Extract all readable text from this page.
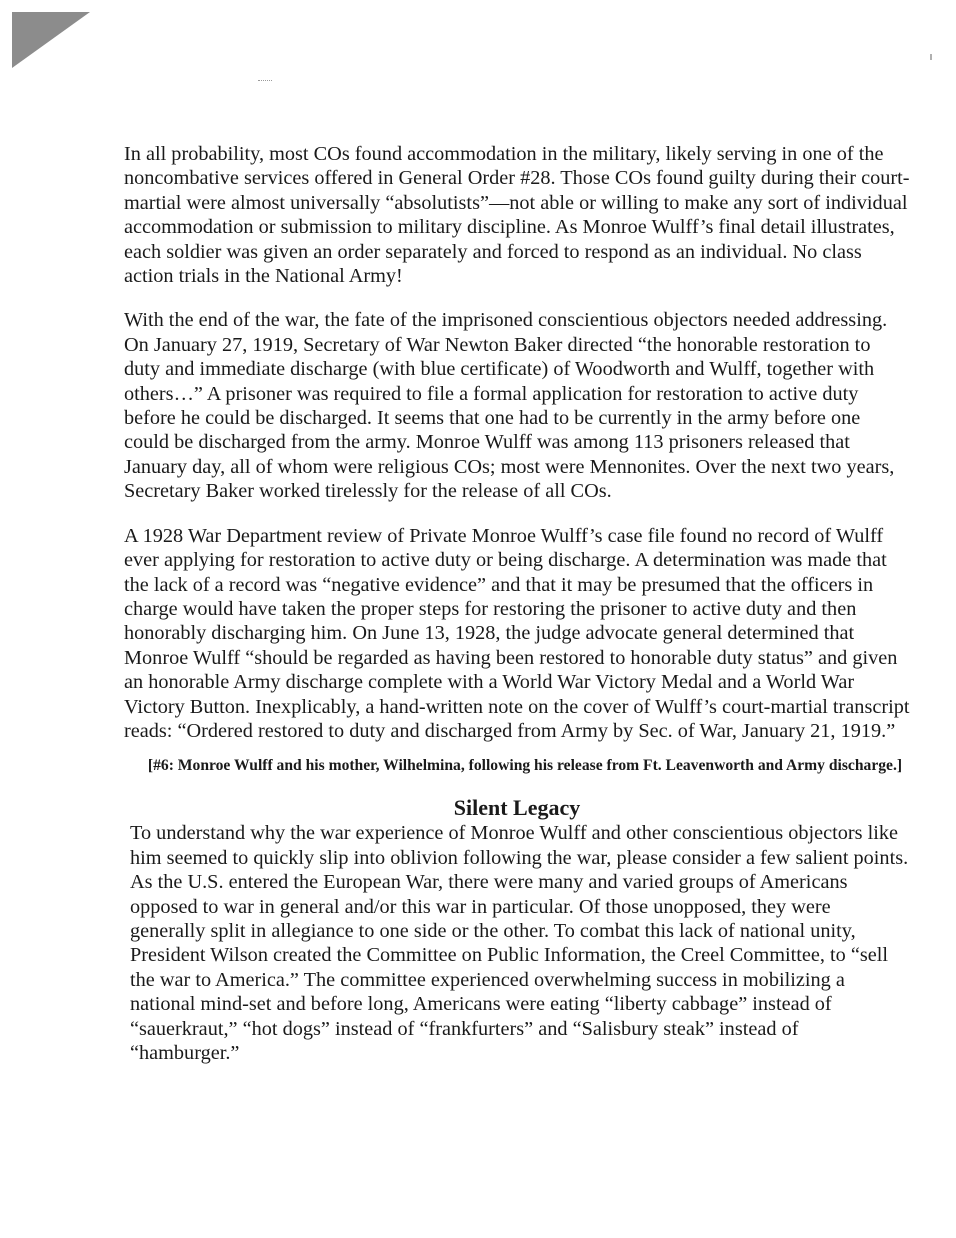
In all probability, most COs found accommodation in the military, likely serving in one of the noncombative services offered in General Order #28. Those COs found guilty during their court-martial were almost universally “absolutists”—not able or willing to make any sort of individual accommodation or submission to military discipline. As Monroe Wulff’s final detail illustrates, each soldier was given an order separately and forced to respond as an individual. No class action trials in the National Army!

With the end of the war, the fate of the imprisoned conscientious objectors needed addressing. On January 27, 1919, Secretary of War Newton Baker directed “the honorable restoration to duty and immediate discharge (with blue certificate) of Woodworth and Wulff, together with others…” A prisoner was required to file a formal application for restoration to active duty before he could be discharged. It seems that one had to be currently in the army before one could be discharged from the army. Monroe Wulff was among 113 prisoners released that January day, all of whom were religious COs; most were Mennonites. Over the next two years, Secretary Baker worked tirelessly for the release of all COs.

A 1928 War Department review of Private Monroe Wulff’s case file found no record of Wulff ever applying for restoration to active duty or being discharge. A determination was made that the lack of a record was “negative evidence” and that it may be presumed that the officers in charge would have taken the proper steps for restoring the prisoner to active duty and then honorably discharging him. On June 13, 1928, the judge advocate general determined that Monroe Wulff “should be regarded as having been restored to honorable duty status” and given an honorable Army discharge complete with a World War Victory Medal and a World War Victory Button. Inexplicably, a hand-written note on the cover of Wulff’s court-martial transcript reads: “Ordered restored to duty and discharged from Army by Sec. of War, January 21, 1919.”

[#6: Monroe Wulff and his mother, Wilhelmina, following his release from Ft. Leavenworth and Army discharge.]
Silent Legacy

To understand why the war experience of Monroe Wulff and other conscientious objectors like him seemed to quickly slip into oblivion following the war, please consider a few salient points. As the U.S. entered the European War, there were many and varied groups of Americans opposed to war in general and/or this war in particular. Of those unopposed, they were generally split in allegiance to one side or the other. To combat this lack of national unity, President Wilson created the Committee on Public Information, the Creel Committee, to “sell the war to America.” The committee experienced overwhelming success in mobilizing a national mind-set and before long, Americans were eating “liberty cabbage” instead of “sauerkraut,” “hot dogs” instead of “frankfurters” and “Salisbury steak” instead of “hamburger.”
